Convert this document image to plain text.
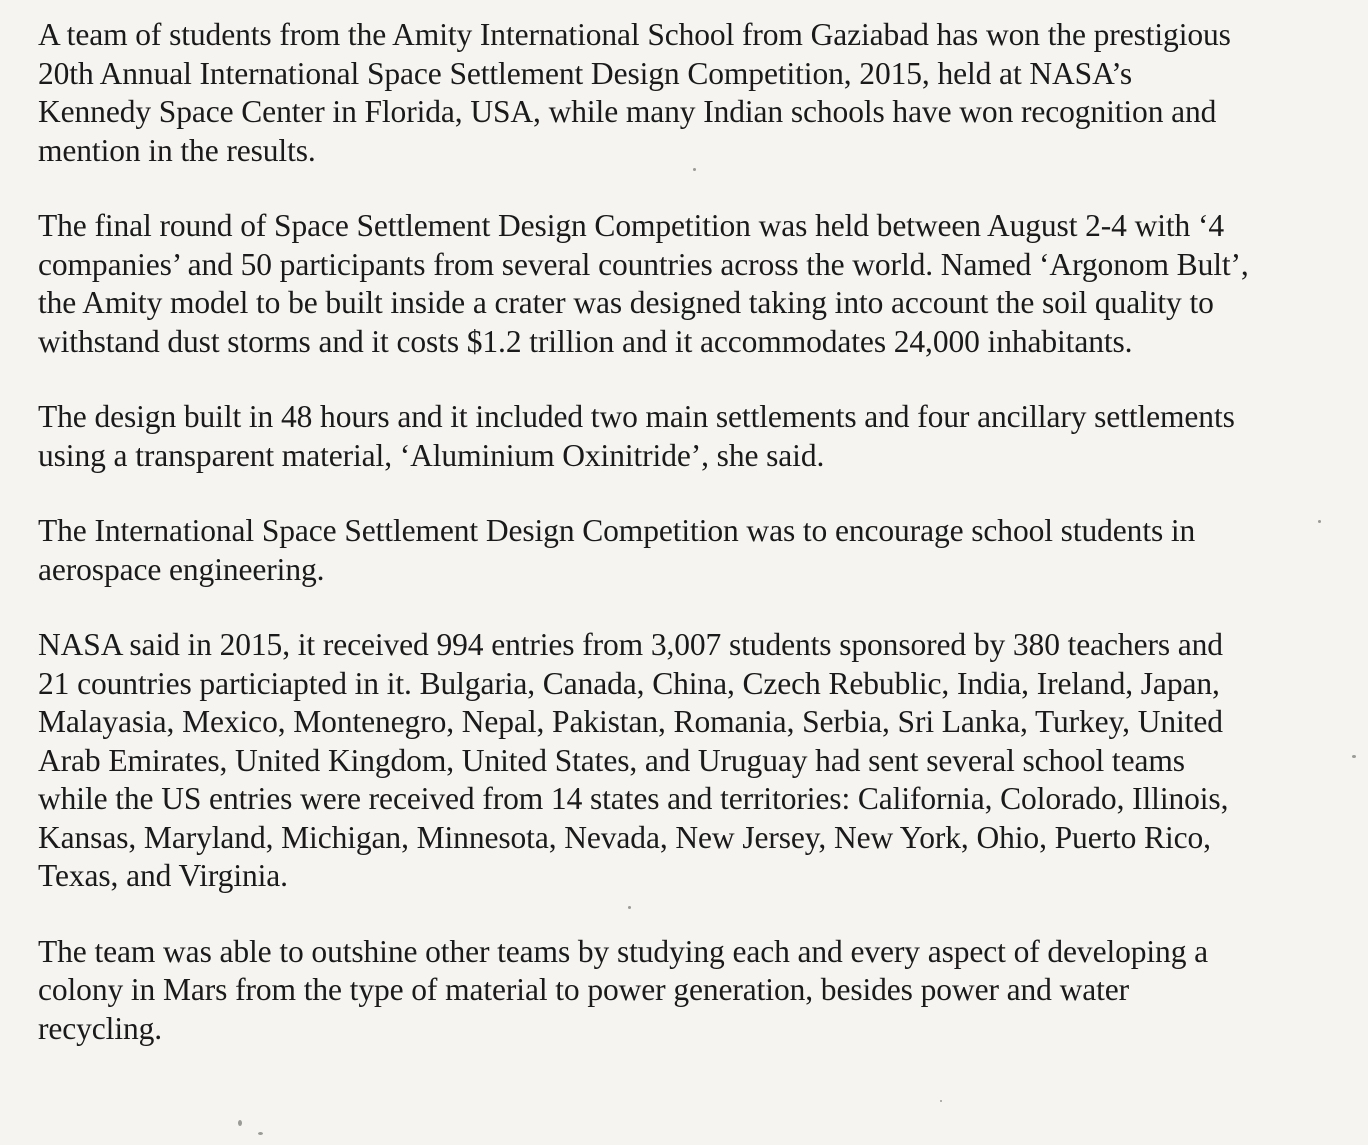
A team of students from the Amity International School from Gaziabad has won the prestigious
20th Annual International Space Settlement Design Competition, 2015, held at NASA’s
Kennedy Space Center in Florida, USA, while many Indian schools have won recognition and
mention in the results.

The final round of Space Settlement Design Competition was held between August 2-4 with ‘4
companies’ and 50 participants from several countries across the world. Named ‘Argonom Bult’,
the Amity model to be built inside a crater was designed taking into account the soil quality to
withstand dust storms and it costs $1.2 trillion and it accommodates 24,000 inhabitants.

The design built in 48 hours and it included two main settlements and four ancillary settlements
using a transparent material, ‘Aluminium Oxinitride’, she said.

The International Space Settlement Design Competition was to encourage school students in
aerospace engineering.

NASA said in 2015, it received 994 entries from 3,007 students sponsored by 380 teachers and
21 countries particiapted in it. Bulgaria, Canada, China, Czech Rebublic, India, Ireland, Japan,
Malayasia, Mexico, Montenegro, Nepal, Pakistan, Romania, Serbia, Sri Lanka, Turkey, United
Arab Emirates, United Kingdom, United States, and Uruguay had sent several school teams
while the US entries were received from 14 states and territories: California, Colorado, Illinois,
Kansas, Maryland, Michigan, Minnesota, Nevada, New Jersey, New York, Ohio, Puerto Rico,
Texas, and Virginia.

The team was able to outshine other teams by studying each and every aspect of developing a
colony in Mars from the type of material to power generation, besides power and water
recycling.
